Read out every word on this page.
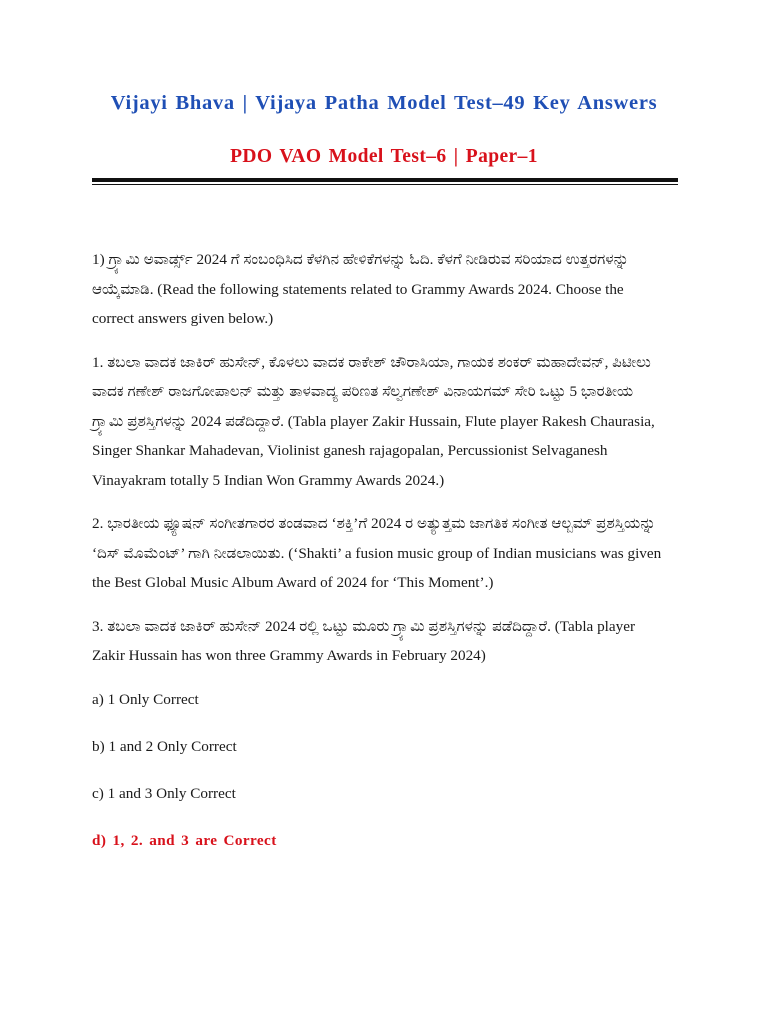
Vijayi Bhava | Vijaya Patha Model Test–49 Key Answers
PDO VAO Model Test–6 | Paper–1

1) ಗ್ರ್ಯಾಮಿ ಅವಾರ್ಡ್ಸ್ 2024 ಗೆ ಸಂಬಂಧಿಸಿದ ಕೆಳಗಿನ ಹೇಳಿಕೆಗಳನ್ನು ಓದಿ. ಕೆಳಗೆ ನೀಡಿರುವ ಸರಿಯಾದ ಉತ್ತರಗಳನ್ನು ಆಯ್ಕೆಮಾಡಿ. (Read the following statements related to Grammy Awards 2024. Choose the correct answers given below.)

1. ತಬಲಾ ವಾದಕ ಜಾಕಿರ್ ಹುಸೇನ್, ಕೊಳಲು ವಾದಕ ರಾಕೇಶ್ ಚೌರಾಸಿಯಾ, ಗಾಯಕ ಶಂಕರ್ ಮಹಾದೇವನ್, ಪಿಟೀಲು ವಾದಕ ಗಣೇಶ್ ರಾಜಗೋಪಾಲನ್ ಮತ್ತು ತಾಳವಾದ್ಯ ಪರಿಣತ ಸೆಲ್ವಗಣೇಶ್ ವಿನಾಯಗಮ್ ಸೇರಿ ಒಟ್ಟು 5 ಭಾರತೀಯ ಗ್ರ್ಯಾಮಿ ಪ್ರಶಸ್ತಿಗಳನ್ನು 2024 ಪಡೆದಿದ್ದಾರೆ. (Tabla player Zakir Hussain, Flute player Rakesh Chaurasia, Singer Shankar Mahadevan, Violinist ganesh rajagopalan, Percussionist Selvaganesh Vinayakram totally 5 Indian Won Grammy Awards 2024.)

2. ಭಾರತೀಯ ಫ್ಯೂಷನ್ ಸಂಗೀತಗಾರರ ತಂಡವಾದ ‘ಶಕ್ತಿ’ಗೆ 2024 ರ ಅತ್ಯುತ್ತಮ ಜಾಗತಿಕ ಸಂಗೀತ ಆಲ್ಬಮ್ ಪ್ರಶಸ್ತಿಯನ್ನು ‘ದಿಸ್ ಮೊಮೆಂಟ್’ ಗಾಗಿ ನೀಡಲಾಯಿತು. (‘Shakti’ a fusion music group of Indian musicians was given the Best Global Music Album Award of 2024 for ‘This Moment’.)

3. ತಬಲಾ ವಾದಕ ಜಾಕಿರ್ ಹುಸೇನ್ 2024 ರಲ್ಲಿ ಒಟ್ಟು ಮೂರು ಗ್ರ್ಯಾಮಿ ಪ್ರಶಸ್ತಿಗಳನ್ನು ಪಡೆದಿದ್ದಾರೆ. (Tabla player Zakir Hussain has won three Grammy Awards in February 2024)

a) 1 Only Correct

b) 1 and 2 Only Correct

c) 1 and 3 Only Correct

d) 1, 2. and 3 are Correct
